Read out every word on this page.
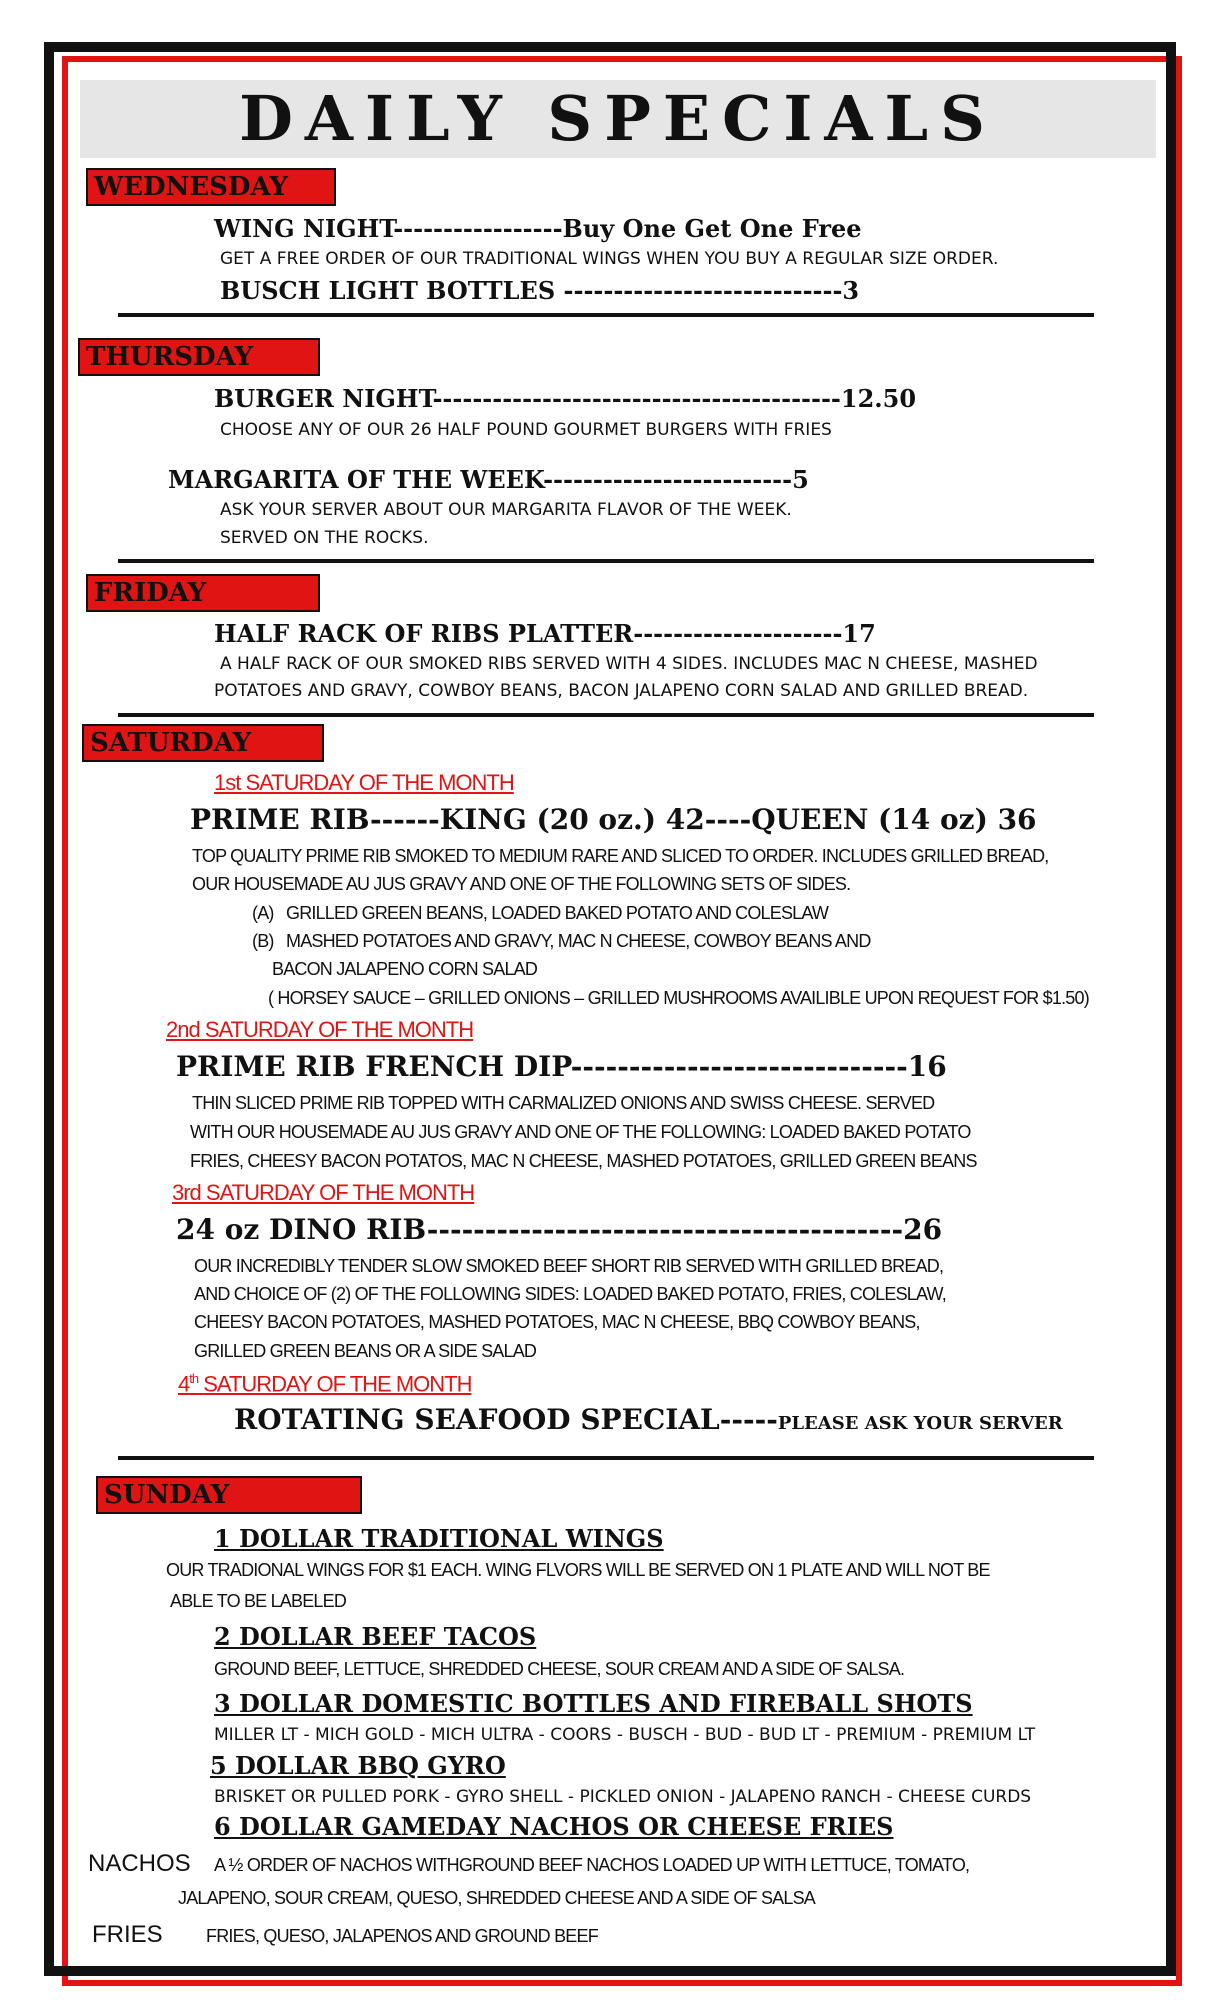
DAILY SPECIALS
WEDNESDAY
WING NIGHT-----------------Buy One Get One Free
GET A FREE ORDER OF OUR TRADITIONAL WINGS WHEN YOU BUY A REGULAR SIZE ORDER.
BUSCH LIGHT BOTTLES ----------------------------3
THURSDAY
BURGER NIGHT-----------------------------------------12.50
CHOOSE ANY OF OUR 26 HALF POUND GOURMET BURGERS WITH FRIES
MARGARITA OF THE WEEK-------------------------5
ASK YOUR SERVER ABOUT OUR MARGARITA FLAVOR OF THE WEEK.
SERVED ON THE ROCKS.
FRIDAY
HALF RACK OF RIBS PLATTER---------------------17
A HALF RACK OF OUR SMOKED RIBS SERVED WITH 4 SIDES. INCLUDES MAC N CHEESE, MASHED
POTATOES AND GRAVY, COWBOY BEANS, BACON JALAPENO CORN SALAD AND GRILLED BREAD.
SATURDAY
1st SATURDAY OF THE MONTH
PRIME RIB------KING (20 oz.) 42----QUEEN (14 oz) 36
TOP QUALITY PRIME RIB SMOKED TO MEDIUM RARE AND SLICED TO ORDER. INCLUDES GRILLED BREAD,
OUR HOUSEMADE AU JUS GRAVY AND ONE OF THE FOLLOWING SETS OF SIDES.
(A) GRILLED GREEN BEANS, LOADED BAKED POTATO AND COLESLAW
(B) MASHED POTATOES AND GRAVY, MAC N CHEESE, COWBOY BEANS AND
BACON JALAPENO CORN SALAD
( HORSEY SAUCE – GRILLED ONIONS – GRILLED MUSHROOMS AVAILIBLE UPON REQUEST FOR $1.50)
2nd SATURDAY OF THE MONTH
PRIME RIB FRENCH DIP-----------------------------16
THIN SLICED PRIME RIB TOPPED WITH CARMALIZED ONIONS AND SWISS CHEESE. SERVED
WITH OUR HOUSEMADE AU JUS GRAVY AND ONE OF THE FOLLOWING: LOADED BAKED POTATO
FRIES, CHEESY BACON POTATOS, MAC N CHEESE, MASHED POTATOES, GRILLED GREEN BEANS
3rd SATURDAY OF THE MONTH
24 oz DINO RIB-----------------------------------------26
OUR INCREDIBLY TENDER SLOW SMOKED BEEF SHORT RIB SERVED WITH GRILLED BREAD,
AND CHOICE OF (2) OF THE FOLLOWING SIDES: LOADED BAKED POTATO, FRIES, COLESLAW,
CHEESY BACON POTATOES, MASHED POTATOES, MAC N CHEESE, BBQ COWBOY BEANS,
GRILLED GREEN BEANS OR A SIDE SALAD
4th SATURDAY OF THE MONTH
ROTATING SEAFOOD SPECIAL-----PLEASE ASK YOUR SERVER
SUNDAY
1 DOLLAR TRADITIONAL WINGS
OUR TRADIONAL WINGS FOR $1 EACH. WING FLVORS WILL BE SERVED ON 1 PLATE AND WILL NOT BE
ABLE TO BE LABELED
2 DOLLAR BEEF TACOS
GROUND BEEF, LETTUCE, SHREDDED CHEESE, SOUR CREAM AND A SIDE OF SALSA.
3 DOLLAR DOMESTIC BOTTLES AND FIREBALL SHOTS
MILLER LT - MICH GOLD - MICH ULTRA - COORS - BUSCH - BUD - BUD LT - PREMIUM - PREMIUM LT
5 DOLLAR BBQ GYRO
BRISKET OR PULLED PORK - GYRO SHELL - PICKLED ONION - JALAPENO RANCH - CHEESE CURDS
6 DOLLAR GAMEDAY NACHOS OR CHEESE FRIES
NACHOS A ½ ORDER OF NACHOS WITHGROUND BEEF NACHOS LOADED UP WITH LETTUCE, TOMATO,
JALAPENO, SOUR CREAM, QUESO, SHREDDED CHEESE AND A SIDE OF SALSA
FRIES FRIES, QUESO, JALAPENOS AND GROUND BEEF
